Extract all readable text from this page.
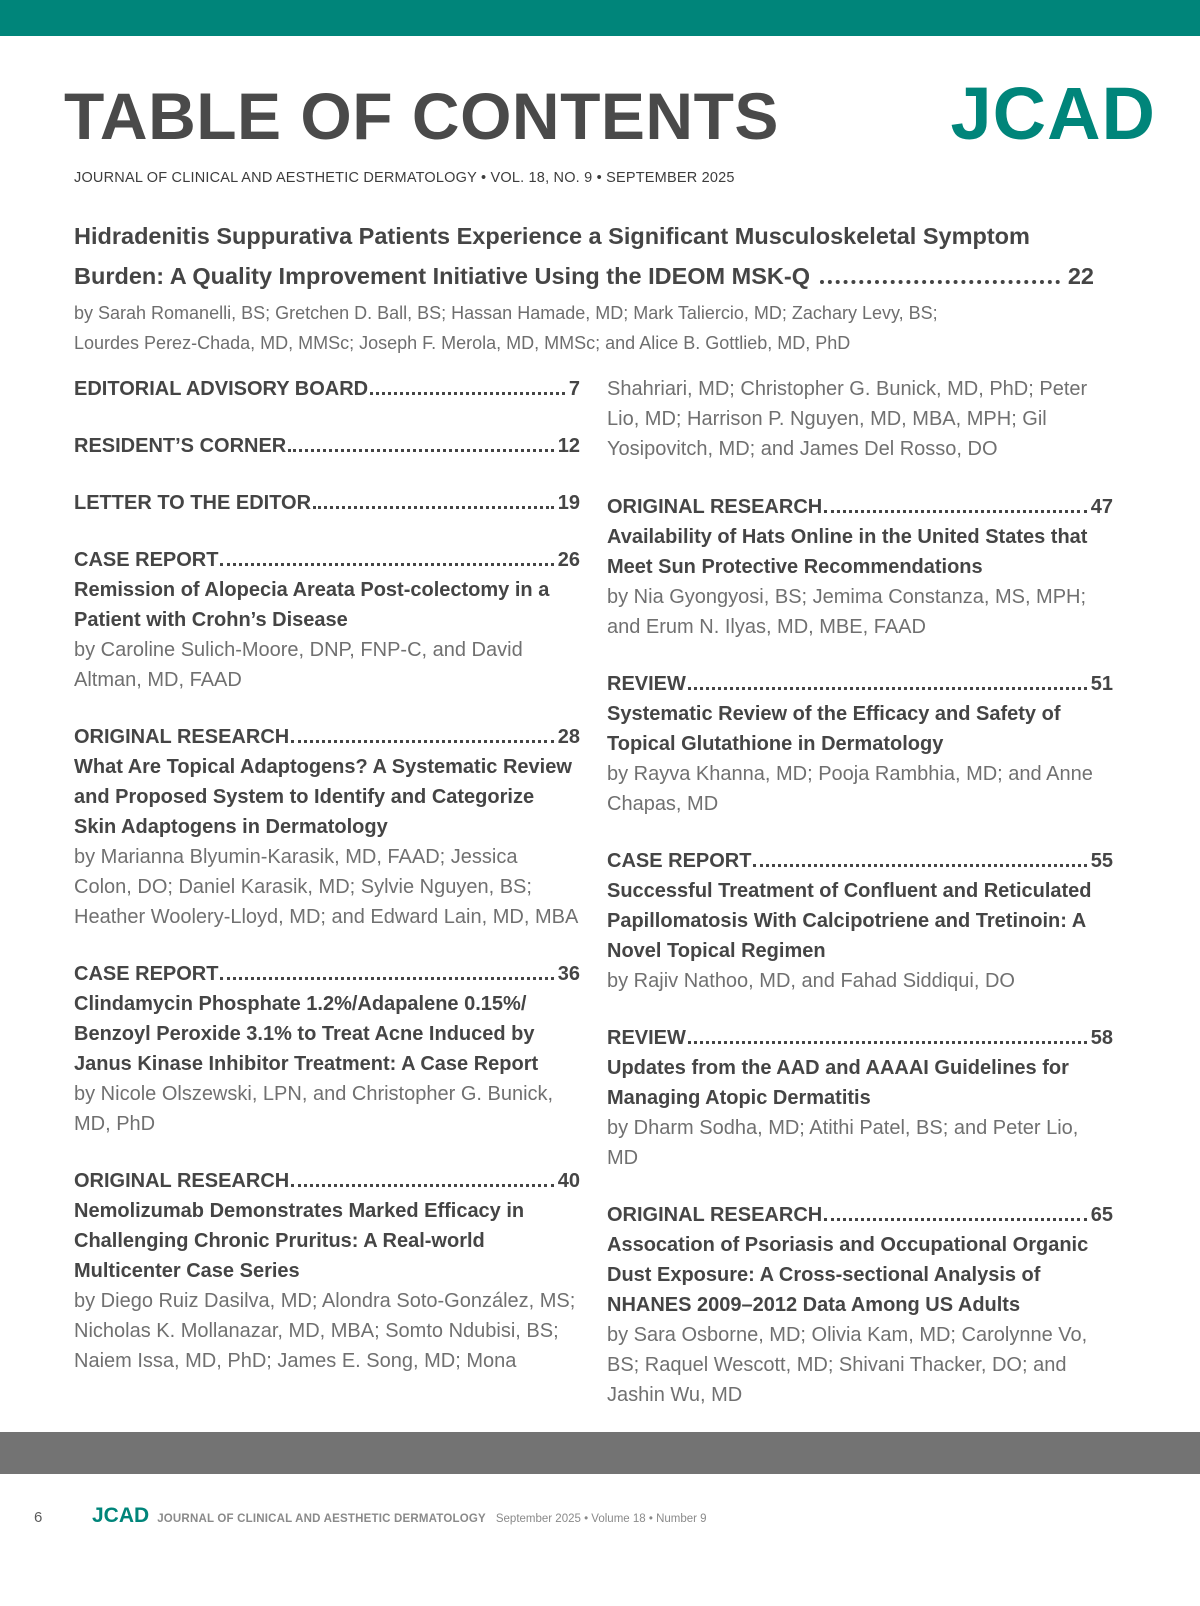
TABLE OF CONTENTS JCAD
JOURNAL OF CLINICAL AND AESTHETIC DERMATOLOGY • VOL. 18, NO. 9 • SEPTEMBER 2025
Hidradenitis Suppurativa Patients Experience a Significant Musculoskeletal Symptom
Burden: A Quality Improvement Initiative Using the IDEOM MSK-Q	22
by Sarah Romanelli, BS; Gretchen D. Ball, BS; Hassan Hamade, MD; Mark Taliercio, MD; Zachary Levy, BS;
Lourdes Perez-Chada, MD, MMSc; Joseph F. Merola, MD, MMSc; and Alice B. Gottlieb, MD, PhD
EDITORIAL ADVISORY BOARD	7
RESIDENT’S CORNER	12
LETTER TO THE EDITOR	19
CASE REPORT	26
Remission of Alopecia Areata Post-colectomy in a Patient with Crohn’s Disease
by Caroline Sulich-Moore, DNP, FNP-C, and David Altman, MD, FAAD
ORIGINAL RESEARCH	28
What Are Topical Adaptogens? A Systematic Review and Proposed System to Identify and Categorize Skin Adaptogens in Dermatology
by Marianna Blyumin-Karasik, MD, FAAD; Jessica Colon, DO; Daniel Karasik, MD; Sylvie Nguyen, BS; Heather Woolery-Lloyd, MD; and Edward Lain, MD, MBA
CASE REPORT	36
Clindamycin Phosphate 1.2%/Adapalene 0.15%/ Benzoyl Peroxide 3.1% to Treat Acne Induced by Janus Kinase Inhibitor Treatment: A Case Report
by Nicole Olszewski, LPN, and Christopher G. Bunick, MD, PhD
ORIGINAL RESEARCH	40
Nemolizumab Demonstrates Marked Efficacy in Challenging Chronic Pruritus: A Real-world Multicenter Case Series
by Diego Ruiz Dasilva, MD; Alondra Soto-González, MS; Nicholas K. Mollanazar, MD, MBA; Somto Ndubisi, BS; Naiem Issa, MD, PhD; James E. Song, MD; Mona
Shahriari, MD; Christopher G. Bunick, MD, PhD; Peter Lio, MD; Harrison P. Nguyen, MD, MBA, MPH; Gil Yosipovitch, MD; and James Del Rosso, DO
ORIGINAL RESEARCH	47
Availability of Hats Online in the United States that Meet Sun Protective Recommendations
by Nia Gyongyosi, BS; Jemima Constanza, MS, MPH; and Erum N. Ilyas, MD, MBE, FAAD
REVIEW	51
Systematic Review of the Efficacy and Safety of Topical Glutathione in Dermatology
by Rayva Khanna, MD; Pooja Rambhia, MD; and Anne Chapas, MD
CASE REPORT	55
Successful Treatment of Confluent and Reticulated Papillomatosis With Calcipotriene and Tretinoin: A Novel Topical Regimen
by Rajiv Nathoo, MD, and Fahad Siddiqui, DO
REVIEW	58
Updates from the AAD and AAAAI Guidelines for Managing Atopic Dermatitis
by Dharm Sodha, MD; Atithi Patel, BS; and Peter Lio, MD
ORIGINAL RESEARCH	65
Assocation of Psoriasis and Occupational Organic Dust Exposure: A Cross-sectional Analysis of NHANES 2009–2012 Data Among US Adults
by Sara Osborne, MD; Olivia Kam, MD; Carolynne Vo, BS; Raquel Wescott, MD; Shivani Thacker, DO; and Jashin Wu, MD
6	JCAD JOURNAL OF CLINICAL AND AESTHETIC DERMATOLOGY September 2025 • Volume 18 • Number 9
